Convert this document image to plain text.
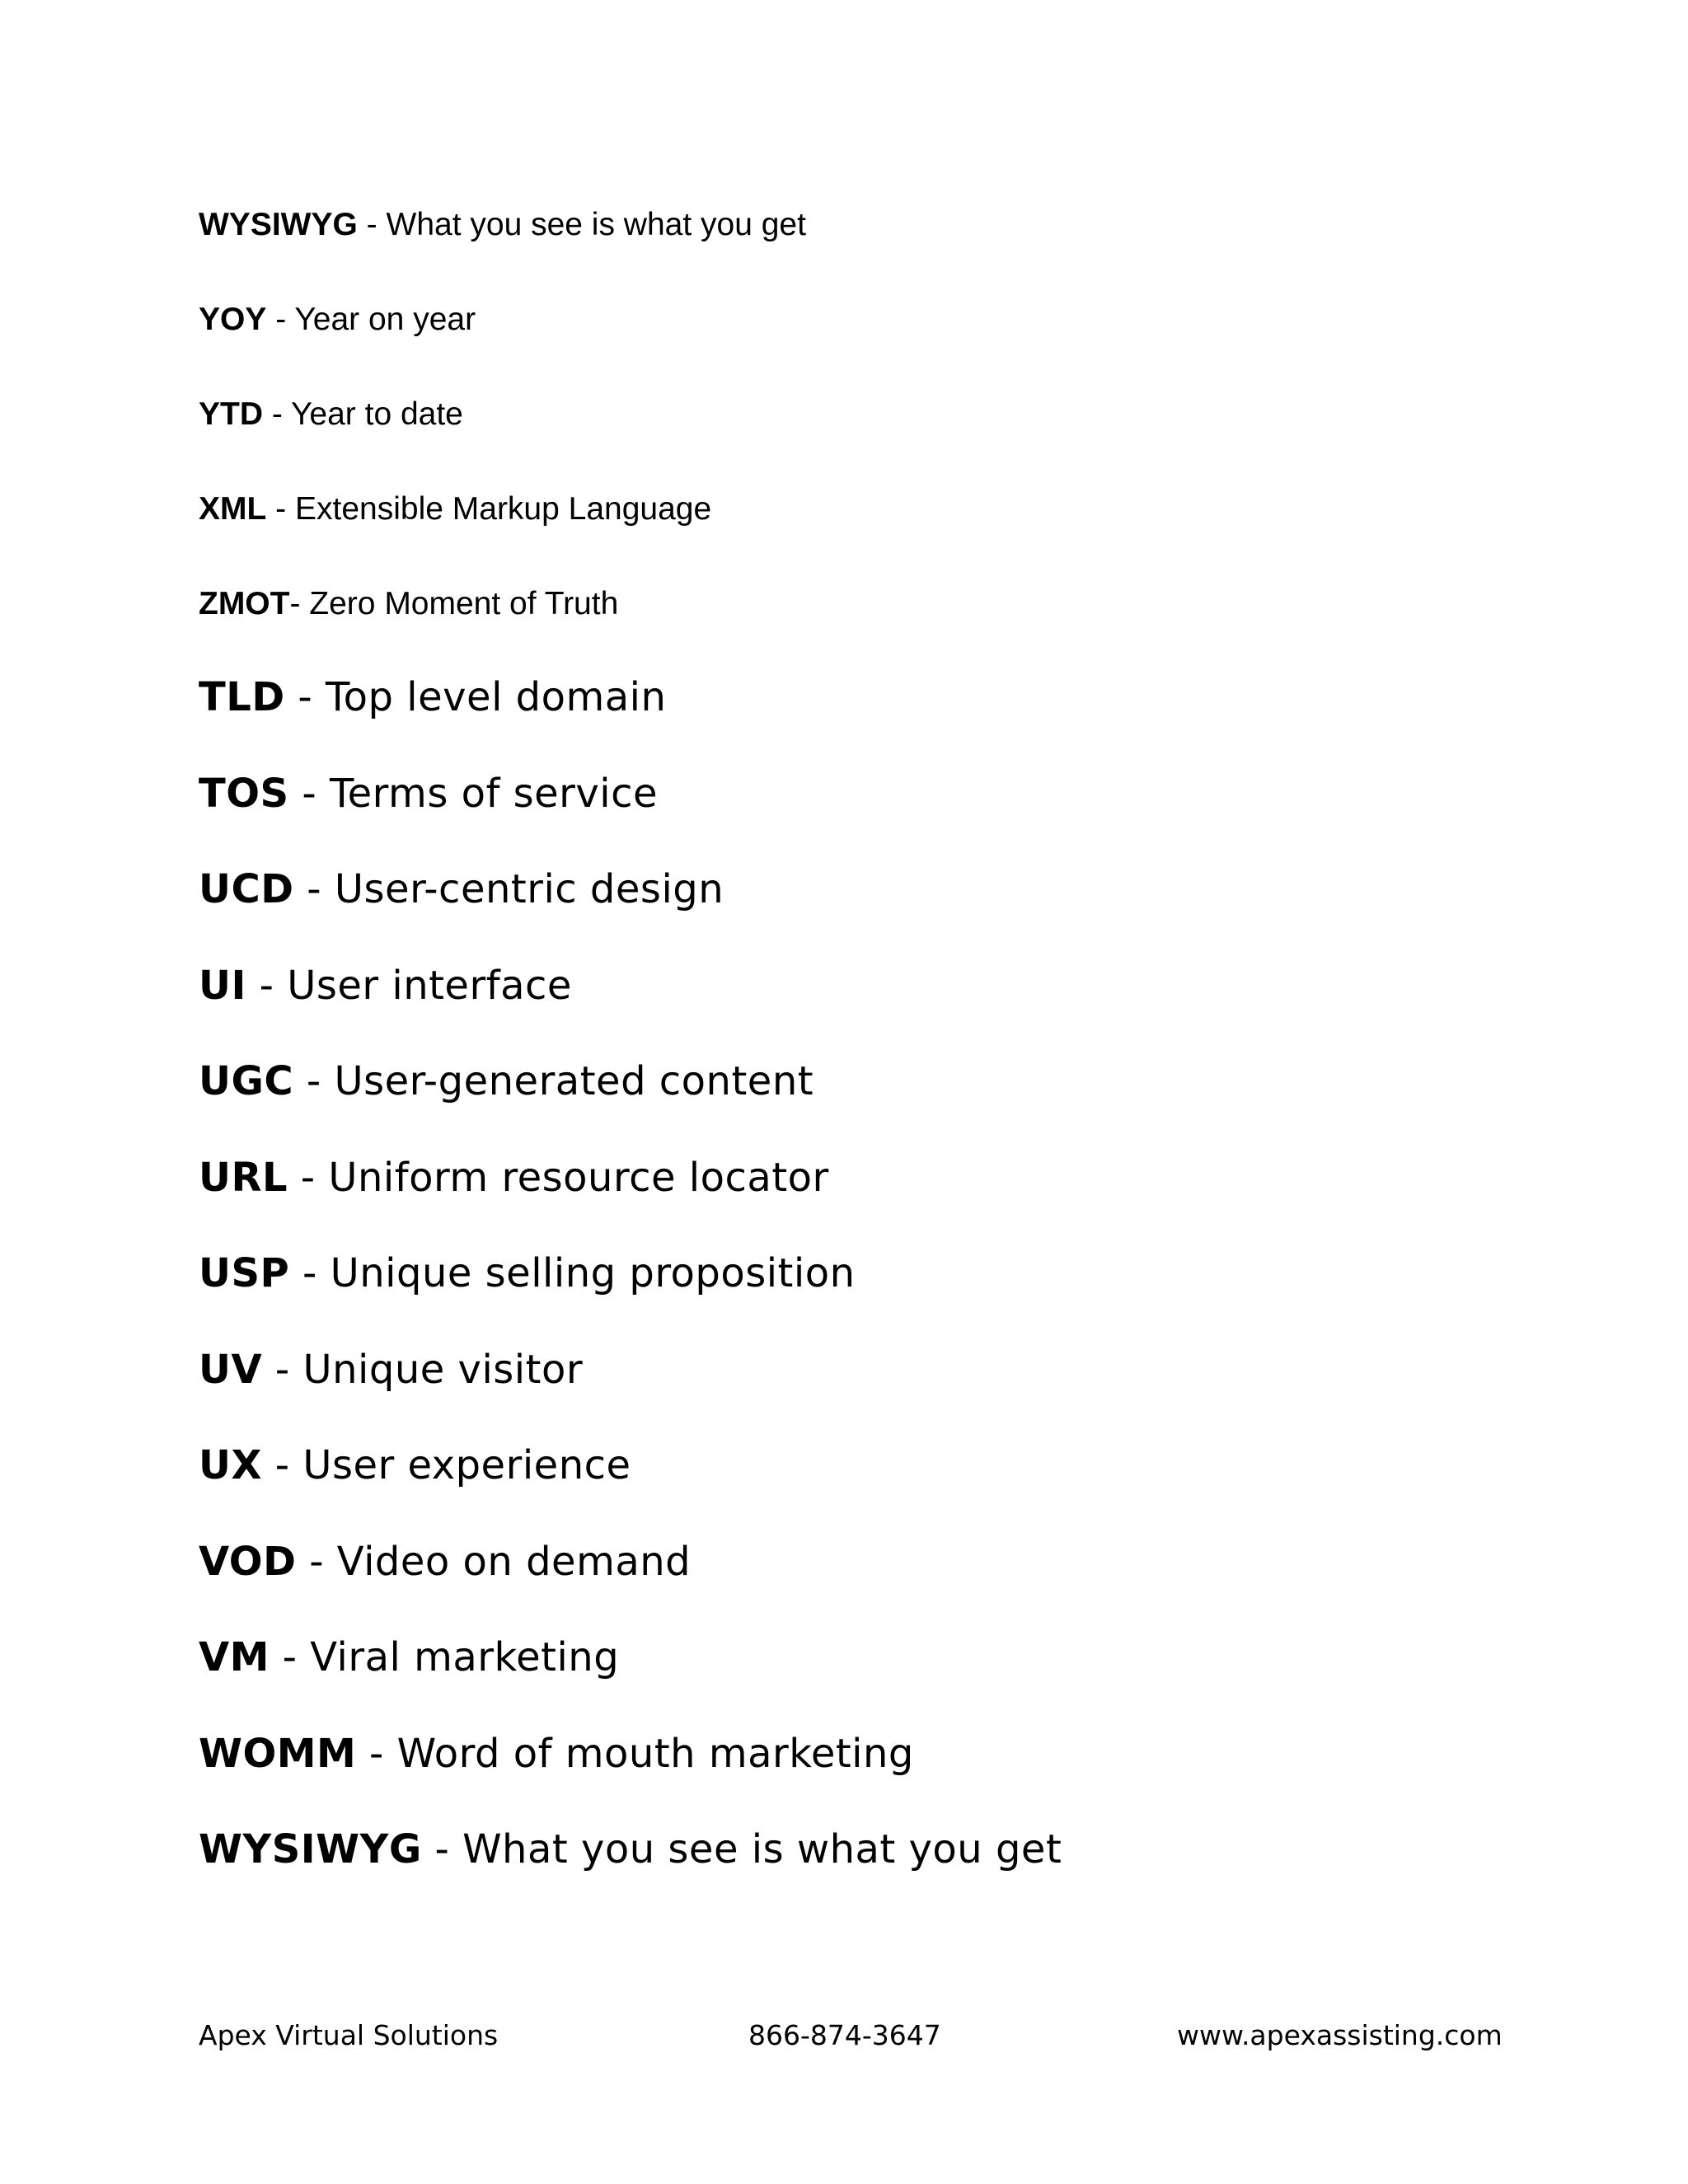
WYSIWYG - What you see is what you get
YOY - Year on year
YTD - Year to date
XML - Extensible Markup Language
ZMOT- Zero Moment of Truth
TLD - Top level domain
TOS - Terms of service
UCD - User-centric design
UI - User interface
UGC - User-generated content
URL - Uniform resource locator
USP - Unique selling proposition
UV - Unique visitor
UX - User experience
VOD - Video on demand
VM - Viral marketing
WOMM - Word of mouth marketing
WYSIWYG - What you see is what you get
Apex Virtual Solutions	866-874-3647	www.apexassisting.com
